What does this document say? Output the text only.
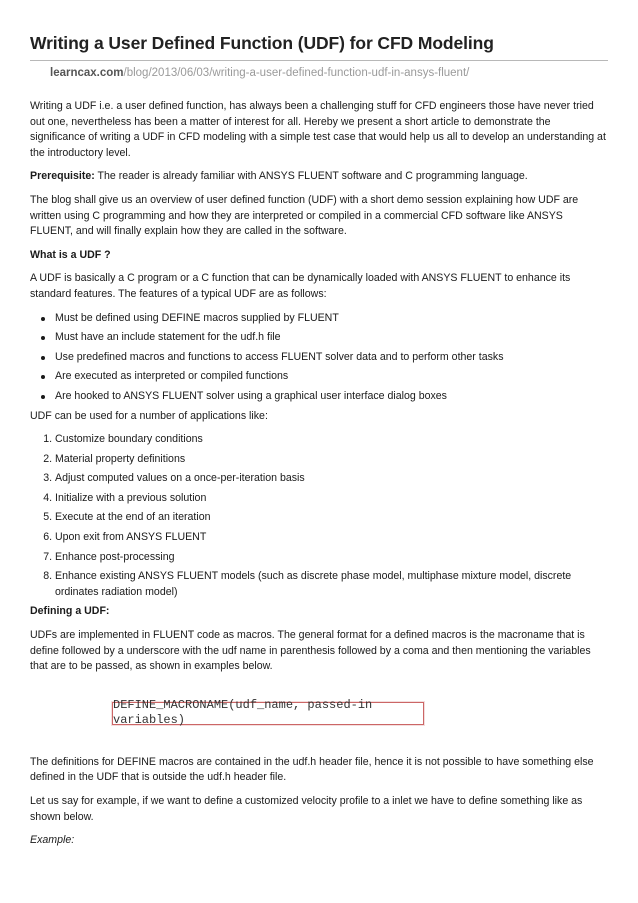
Writing a User Defined Function (UDF) for CFD Modeling
learncax.com/blog/2013/06/03/writing-a-user-defined-function-udf-in-ansys-fluent/

Writing a UDF i.e. a user defined function, has always been a challenging stuff for CFD engineers those have never tried out one, nevertheless has been a matter of interest for all. Hereby we present a short article to demonstrate the significance of writing a UDF in CFD modeling with a simple test case that would help us all to develop an understanding at the introductory level.

Prerequisite: The reader is already familiar with ANSYS FLUENT software and C programming language.

The blog shall give us an overview of user defined function (UDF) with a short demo session explaining how UDF are written using C programming and how they are interpreted or compiled in a commercial CFD software like ANSYS FLUENT, and will finally explain how they are called in the software.

What is a UDF ?

A UDF is basically a C program or a C function that can be dynamically loaded with ANSYS FLUENT to enhance its standard features. The features of a typical UDF are as follows:

Must be defined using DEFINE macros supplied by FLUENT
Must have an include statement for the udf.h file
Use predefined macros and functions to access FLUENT solver data and to perform other tasks
Are executed as interpreted or compiled functions
Are hooked to ANSYS FLUENT solver using a graphical user interface dialog boxes

UDF can be used for a number of applications like:

1. Customize boundary conditions
2. Material property definitions
3. Adjust computed values on a once-per-iteration basis
4. Initialize with a previous solution
5. Execute at the end of an iteration
6. Upon exit from ANSYS FLUENT
7. Enhance post-processing
8. Enhance existing ANSYS FLUENT models (such as discrete phase model, multiphase mixture model, discrete ordinates radiation model)

Defining a UDF:

UDFs are implemented in FLUENT code as macros. The general format for a defined macros is the macroname that is define followed by a underscore with the udf name in parenthesis followed by a coma and then mentioning the variables that are to be passed, as shown in examples below.

DEFINE_MACRONAME(udf_name, passed-in variables)

The definitions for DEFINE macros are contained in the udf.h header file, hence it is not possible to have something else defined in the UDF that is outside the udf.h header file.

Let us say for example, if we want to define a customized velocity profile to a inlet we have to define something like as shown below.

Example:
